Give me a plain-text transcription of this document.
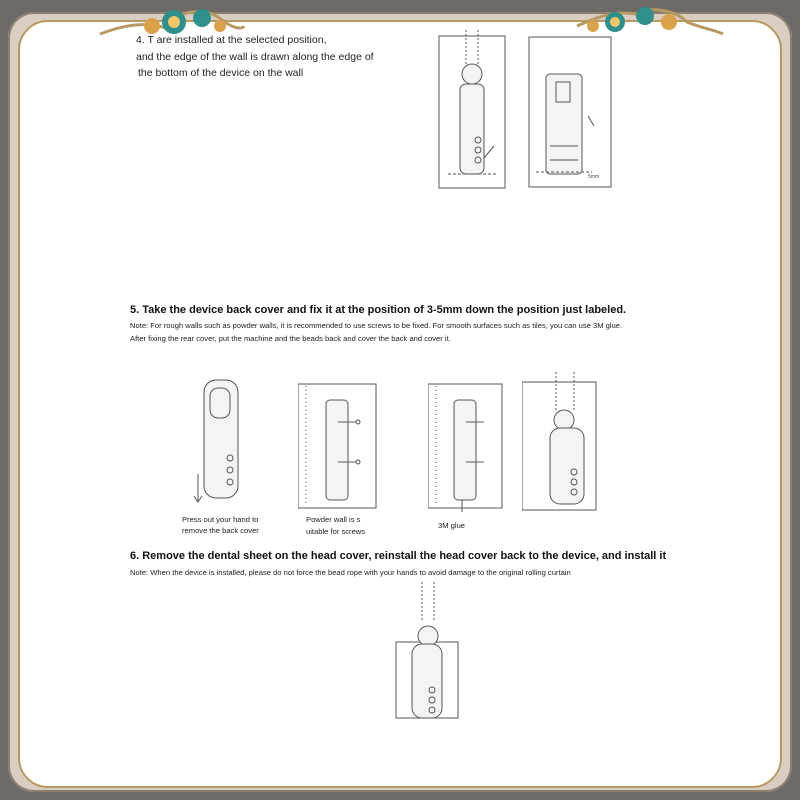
4. T are installed at the selected position,
and the edge of the wall is drawn along the edge of
the bottom of the device on the wall
5mm
5. Take the device back cover and fix it at the position of 3-5mm down the position just labeled.
Note: For rough walls such as powder walls, it is recommended to use screws to be fixed. For smooth surfaces such as tiles, you can use 3M glue.
After fixing the rear cover, put the machine and the beads back and cover the back and cover it.
Press out your hand to
remove the back cover
Powder wall is s
uitable for screws
3M glue
6. Remove the dental sheet on the head cover, reinstall the head cover back to the device, and install it
Note: When the device is installed, please do not force the bead rope with your hands to avoid damage to the original rolling curtain
